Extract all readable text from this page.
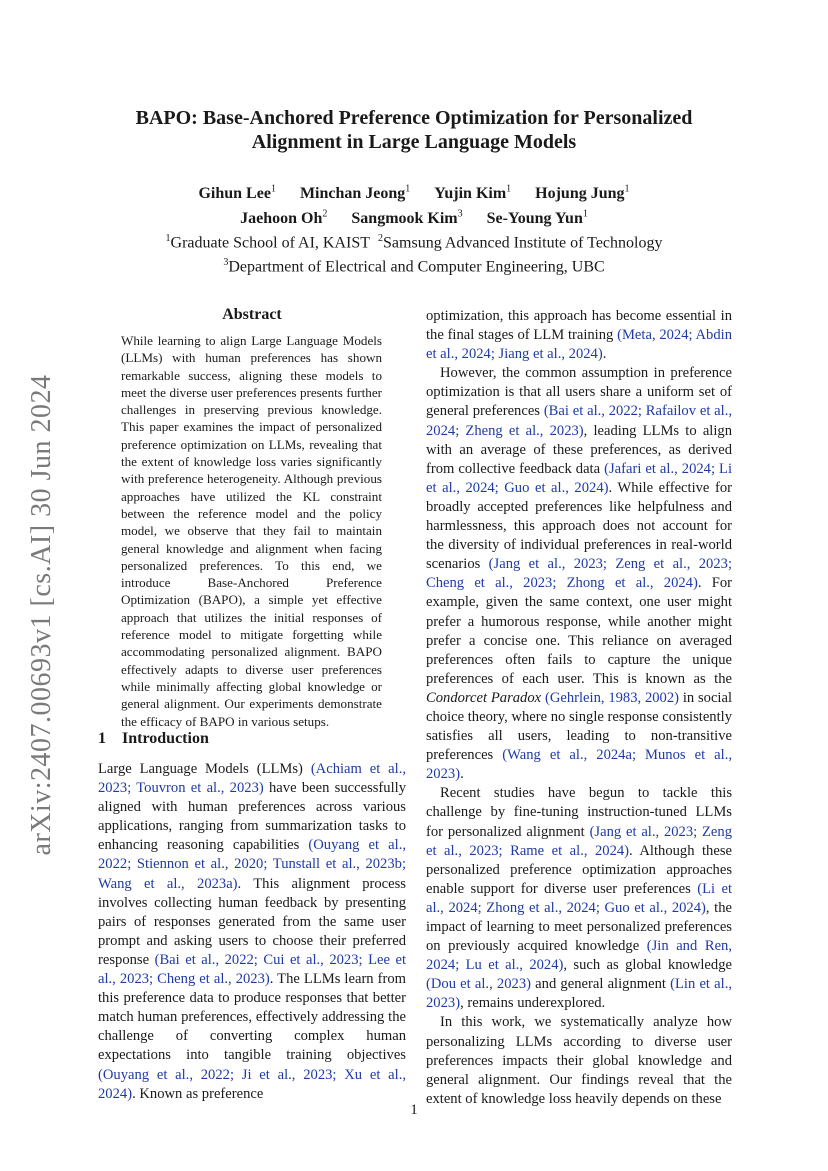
arXiv:2407.00693v1 [cs.AI] 30 Jun 2024
BAPO: Base-Anchored Preference Optimization for Personalized
Alignment in Large Language Models
Gihun Lee$^1$ Minchan Jeong$^1$ Yujin Kim$^1$ Hojung Jung$^1$
Jaehoon Oh$^2$ Sangmook Kim$^3$ Se-Young Yun$^1$
$^1$Graduate School of AI, KAIST $^2$Samsung Advanced Institute of Technology
$^3$Department of Electrical and Computer Engineering, UBC
Abstract
While learning to align Large Language Models (LLMs) with human preferences has shown remarkable success, aligning these models to meet the diverse user preferences presents further challenges in preserving previous knowledge. This paper examines the impact of personalized preference optimization on LLMs, revealing that the extent of knowledge loss varies significantly with preference heterogeneity. Although previous approaches have utilized the KL constraint between the reference model and the policy model, we observe that they fail to maintain general knowledge and alignment when facing personalized preferences. To this end, we introduce Base-Anchored Preference Optimization (BAPO), a simple yet effective approach that utilizes the initial responses of reference model to mitigate forgetting while accommodating personalized alignment. BAPO effectively adapts to diverse user preferences while minimally affecting global knowledge or general alignment. Our experiments demonstrate the efficacy of BAPO in various setups.
1 Introduction
Large Language Models (LLMs) (Achiam et al., 2023; Touvron et al., 2023) have been successfully aligned with human preferences across various applications, ranging from summarization tasks to enhancing reasoning capabilities (Ouyang et al., 2022; Stiennon et al., 2020; Tunstall et al., 2023b; Wang et al., 2023a). This alignment process involves collecting human feedback by presenting pairs of responses generated from the same user prompt and asking users to choose their preferred response (Bai et al., 2022; Cui et al., 2023; Lee et al., 2023; Cheng et al., 2023). The LLMs learn from this preference data to produce responses that better match human preferences, effectively addressing the challenge of converting complex human expectations into tangible training objectives (Ouyang et al., 2022; Ji et al., 2023; Xu et al., 2024). Known as preference

optimization, this approach has become essential in the final stages of LLM training (Meta, 2024; Abdin et al., 2024; Jiang et al., 2024).

However, the common assumption in preference optimization is that all users share a uniform set of general preferences (Bai et al., 2022; Rafailov et al., 2024; Zheng et al., 2023), leading LLMs to align with an average of these preferences, as derived from collective feedback data (Jafari et al., 2024; Li et al., 2024; Guo et al., 2024). While effective for broadly accepted preferences like helpfulness and harmlessness, this approach does not account for the diversity of individual preferences in real-world scenarios (Jang et al., 2023; Zeng et al., 2023; Cheng et al., 2023; Zhong et al., 2024). For example, given the same context, one user might prefer a humorous response, while another might prefer a concise one. This reliance on averaged preferences often fails to capture the unique preferences of each user. This is known as the Condorcet Paradox (Gehrlein, 1983, 2002) in social choice theory, where no single response consistently satisfies all users, leading to non-transitive preferences (Wang et al., 2024a; Munos et al., 2023).

Recent studies have begun to tackle this challenge by fine-tuning instruction-tuned LLMs for personalized alignment (Jang et al., 2023; Zeng et al., 2023; Rame et al., 2024). Although these personalized preference optimization approaches enable support for diverse user preferences (Li et al., 2024; Zhong et al., 2024; Guo et al., 2024), the impact of learning to meet personalized preferences on previously acquired knowledge (Jin and Ren, 2024; Lu et al., 2024), such as global knowledge (Dou et al., 2023) and general alignment (Lin et al., 2023), remains underexplored.

In this work, we systematically analyze how personalizing LLMs according to diverse user preferences impacts their global knowledge and general alignment. Our findings reveal that the extent of knowledge loss heavily depends on these

1
